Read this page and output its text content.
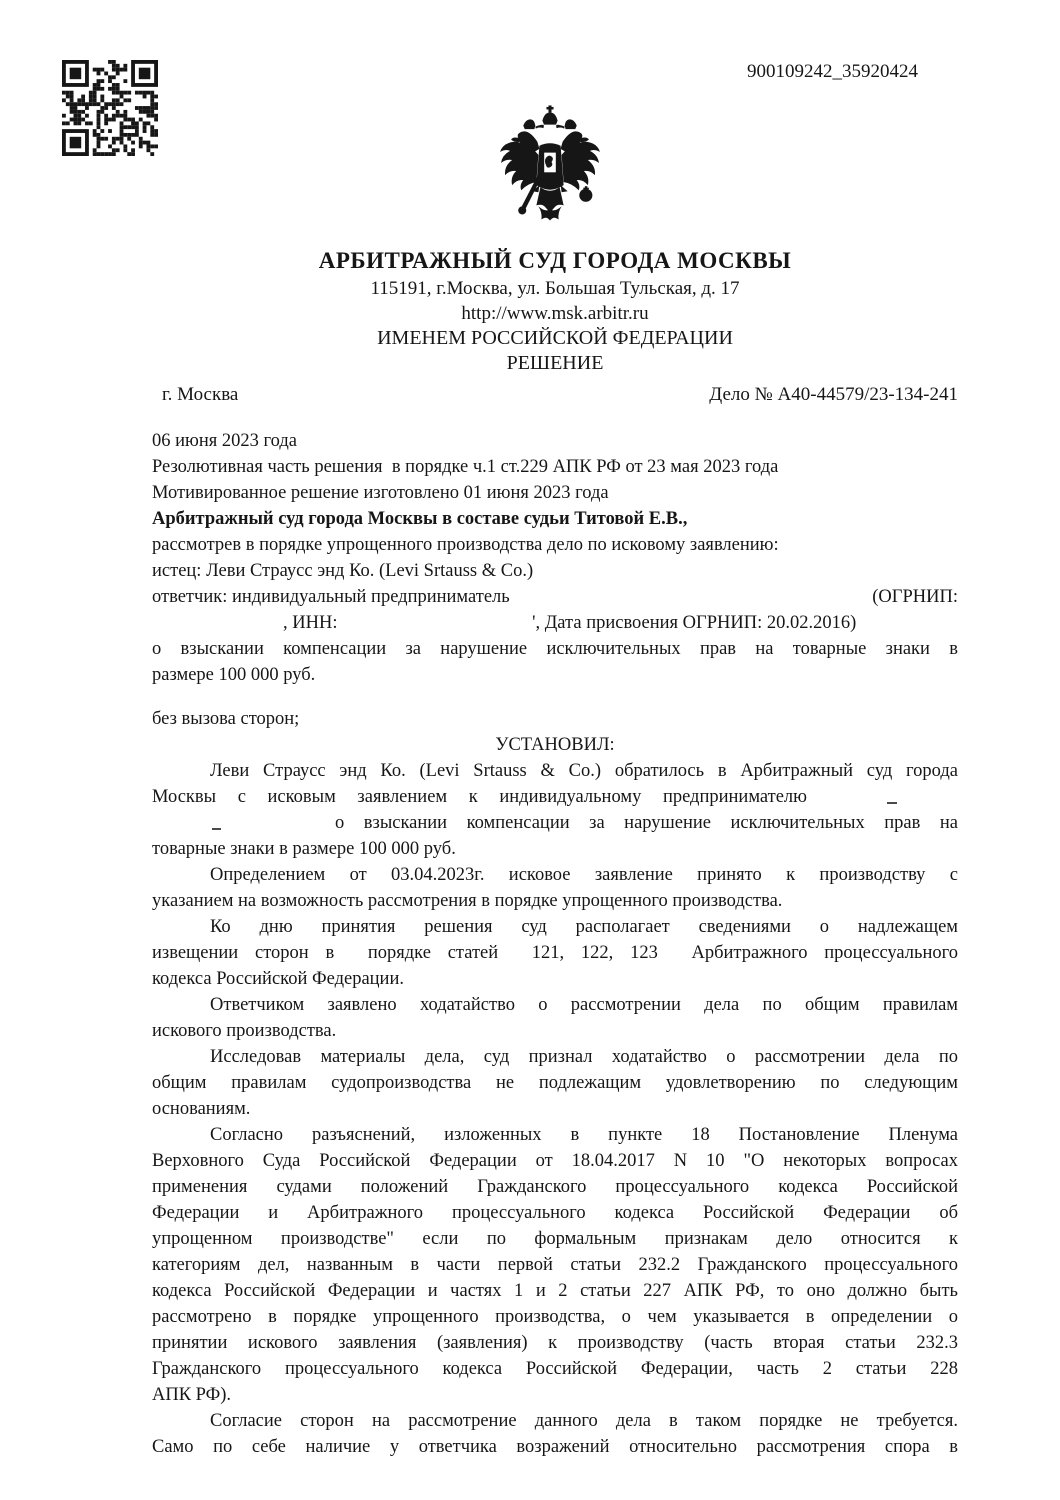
900109242_35920424
АРБИТРАЖНЫЙ СУД ГОРОДА МОСКВЫ
115191, г.Москва, ул. Большая Тульская, д. 17
http://www.msk.arbitr.ru
ИМЕНЕМ РОССИЙСКОЙ ФЕДЕРАЦИИ
РЕШЕНИЕ
г. Москва	Дело № А40-44579/23-134-241
06 июня 2023 года
Резолютивная часть решения  в порядке ч.1 ст.229 АПК РФ от 23 мая 2023 года
Мотивированное решение изготовлено 01 июня 2023 года
Арбитражный суд города Москвы в составе судьи Титовой Е.В.,
рассмотрев в порядке упрощенного производства дело по исковому заявлению:
истец: Леви Страусс энд Ко. (Levi Srtauss & Co.)
ответчик: индивидуальный предприниматель	(ОГРНИП:
, ИНН:	', Дата присвоения ОГРНИП: 20.02.2016)
о взыскании компенсации за нарушение исключительных прав на товарные знаки в
размере 100 000 руб.
без вызова сторон;
УСТАНОВИЛ:
Леви Страусс энд Ко. (Levi Srtauss & Co.) обратилось в Арбитражный суд города
Москвы с исковым заявлением к индивидуальному предпринимателю
о взыскании компенсации за нарушение исключительных прав на
товарные знаки в размере 100 000 руб.
Определением от 03.04.2023г. исковое заявление принято к производству с
указанием на возможность рассмотрения в порядке упрощенного производства.
Ко дню принятия решения суд располагает сведениями о надлежащем
извещении сторон в  порядке статей  121, 122, 123  Арбитражного процессуального
кодекса Российской Федерации.
Ответчиком заявлено ходатайство о рассмотрении дела по общим правилам
искового производства.
Исследовав материалы дела, суд признал ходатайство о рассмотрении дела по
общим правилам судопроизводства не подлежащим удовлетворению по следующим
основаниям.
Согласно разъяснений, изложенных в пункте 18 Постановление Пленума
Верховного Суда Российской Федерации от 18.04.2017 N 10 "О некоторых вопросах
применения судами положений Гражданского процессуального кодекса Российской
Федерации и Арбитражного процессуального кодекса Российской Федерации об
упрощенном производстве" если по формальным признакам дело относится к
категориям дел, названным в части первой статьи 232.2 Гражданского процессуального
кодекса Российской Федерации и частях 1 и 2 статьи 227 АПК РФ, то оно должно быть
рассмотрено в порядке упрощенного производства, о чем указывается в определении о
принятии искового заявления (заявления) к производству (часть вторая статьи 232.3
Гражданского процессуального кодекса Российской Федерации, часть 2 статьи 228
АПК РФ).
Согласие сторон на рассмотрение данного дела в таком порядке не требуется.
Само по себе наличие у ответчика возражений относительно рассмотрения спора в
